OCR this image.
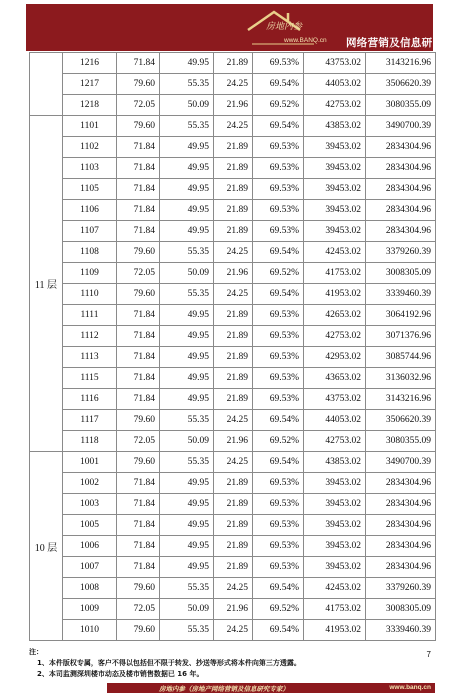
房地内参
www.BANQ.cn 网络营销及信息研究专家
	1216	71.84	49.95	21.89	69.53%	43753.02	3143216.96
	1217	79.60	55.35	24.25	69.54%	44053.02	3506620.39
	1218	72.05	50.09	21.96	69.52%	42753.02	3080355.09
11 层	1101	79.60	55.35	24.25	69.54%	43853.02	3490700.39
	1102	71.84	49.95	21.89	69.53%	39453.02	2834304.96
	1103	71.84	49.95	21.89	69.53%	39453.02	2834304.96
	1105	71.84	49.95	21.89	69.53%	39453.02	2834304.96
	1106	71.84	49.95	21.89	69.53%	39453.02	2834304.96
	1107	71.84	49.95	21.89	69.53%	39453.02	2834304.96
	1108	79.60	55.35	24.25	69.54%	42453.02	3379260.39
	1109	72.05	50.09	21.96	69.52%	41753.02	3008305.09
	1110	79.60	55.35	24.25	69.54%	41953.02	3339460.39
	1111	71.84	49.95	21.89	69.53%	42653.02	3064192.96
	1112	71.84	49.95	21.89	69.53%	42753.02	3071376.96
	1113	71.84	49.95	21.89	69.53%	42953.02	3085744.96
	1115	71.84	49.95	21.89	69.53%	43653.02	3136032.96
	1116	71.84	49.95	21.89	69.53%	43753.02	3143216.96
	1117	79.60	55.35	24.25	69.54%	44053.02	3506620.39
	1118	72.05	50.09	21.96	69.52%	42753.02	3080355.09
10 层	1001	79.60	55.35	24.25	69.54%	43853.02	3490700.39
	1002	71.84	49.95	21.89	69.53%	39453.02	2834304.96
	1003	71.84	49.95	21.89	69.53%	39453.02	2834304.96
	1005	71.84	49.95	21.89	69.53%	39453.02	2834304.96
	1006	71.84	49.95	21.89	69.53%	39453.02	2834304.96
	1007	71.84	49.95	21.89	69.53%	39453.02	2834304.96
	1008	79.60	55.35	24.25	69.54%	42453.02	3379260.39
	1009	72.05	50.09	21.96	69.52%	41753.02	3008305.09
	1010	79.60	55.35	24.25	69.54%	41953.02	3339460.39
注：
1、本件版权专属，客户不得以包括但不限于转发、抄送等形式将本件向第三方透露。
2、本司监测深圳楼市动态及楼市销售数据已 16 年。
7
房地内参（房地产网络营销及信息研究专家）	www.banq.cn
